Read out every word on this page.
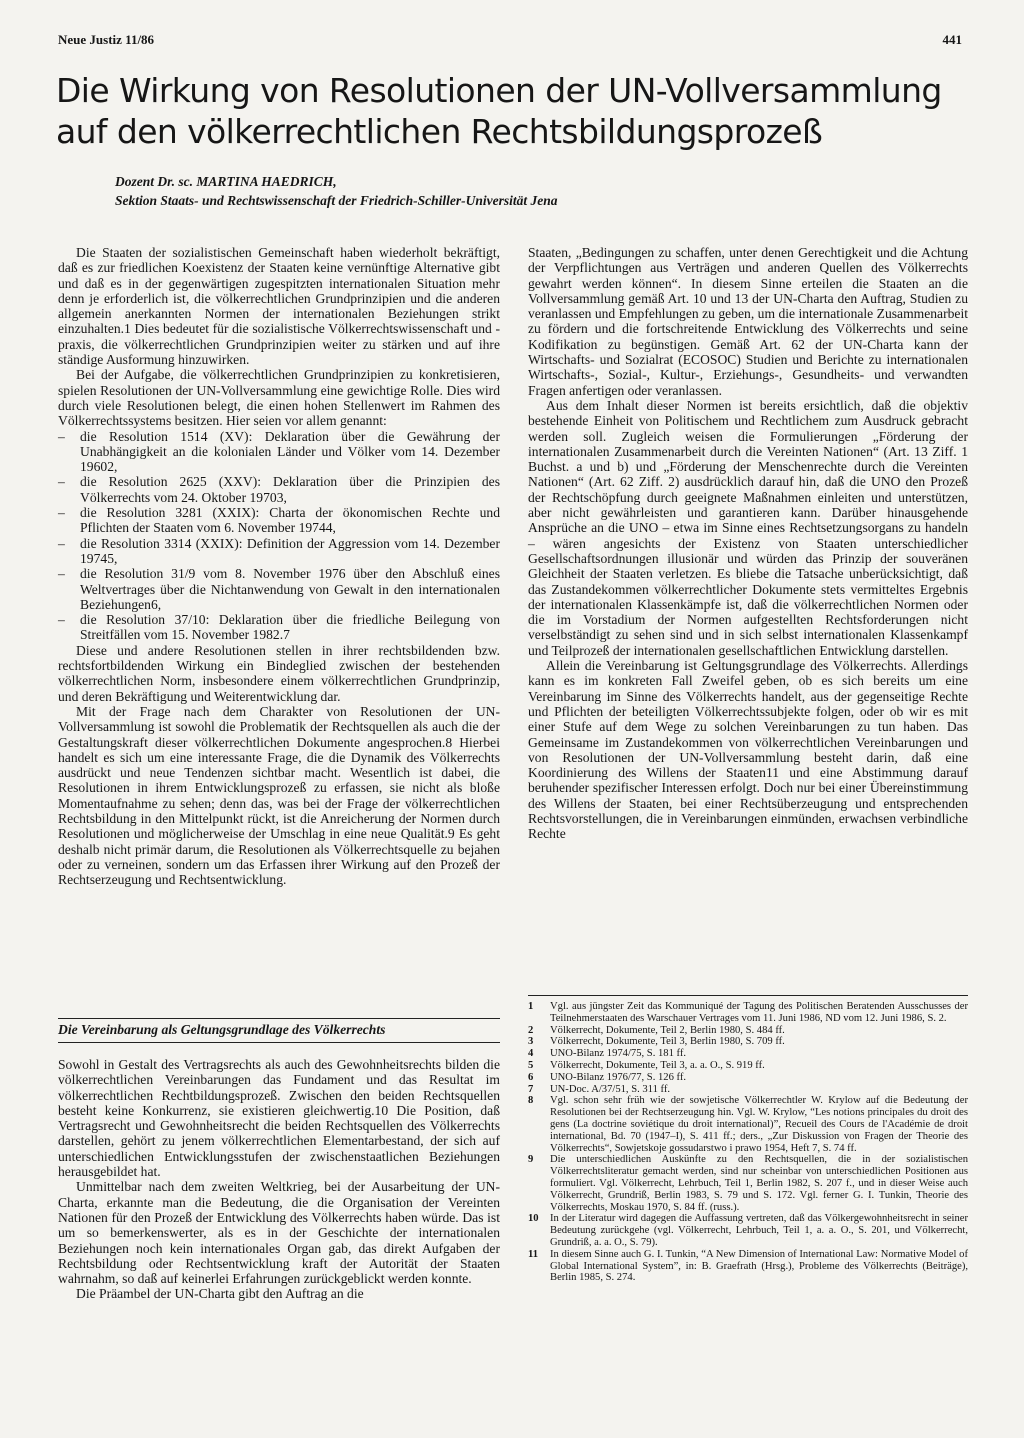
Neue Justiz 11/86	441
Die Wirkung von Resolutionen der UN-Vollversammlung
auf den völkerrechtlichen Rechtsbildungsprozeß
Dozent Dr. sc. MARTINA HAEDRICH,
Sektion Staats- und Rechtswissenschaft der Friedrich-Schiller-Universität Jena

Die Staaten der sozialistischen Gemeinschaft haben wiederholt bekräftigt, daß es zur friedlichen Koexistenz der Staaten keine vernünftige Alternative gibt und daß es in der gegenwärtigen zugespitzten internationalen Situation mehr denn je erforderlich ist, die völkerrechtlichen Grundprinzipien und die anderen allgemein anerkannten Normen der internationalen Beziehungen strikt einzuhalten.1 Dies bedeutet für die sozialistische Völkerrechtswissenschaft und -praxis, die völkerrechtlichen Grundprinzipien weiter zu stärken und auf ihre ständige Ausformung hinzuwirken.

Bei der Aufgabe, die völkerrechtlichen Grundprinzipien zu konkretisieren, spielen Resolutionen der UN-Vollversammlung eine gewichtige Rolle. Dies wird durch viele Resolutionen belegt, die einen hohen Stellenwert im Rahmen des Völkerrechtssystems besitzen. Hier seien vor allem genannt:

– die Resolution 1514 (XV): Deklaration über die Gewährung der Unabhängigkeit an die kolonialen Länder und Völker vom 14. Dezember 19602,
– die Resolution 2625 (XXV): Deklaration über die Prinzipien des Völkerrechts vom 24. Oktober 19703,
– die Resolution 3281 (XXIX): Charta der ökonomischen Rechte und Pflichten der Staaten vom 6. November 19744,
– die Resolution 3314 (XXIX): Definition der Aggression vom 14. Dezember 19745,
– die Resolution 31/9 vom 8. November 1976 über den Abschluß eines Weltvertrages über die Nichtanwendung von Gewalt in den internationalen Beziehungen6,
– die Resolution 37/10: Deklaration über die friedliche Beilegung von Streitfällen vom 15. November 1982.7

Diese und andere Resolutionen stellen in ihrer rechtsbildenden bzw. rechtsfortbildenden Wirkung ein Bindeglied zwischen der bestehenden völkerrechtlichen Norm, insbesondere einem völkerrechtlichen Grundprinzip, und deren Bekräftigung und Weiterentwicklung dar.

Mit der Frage nach dem Charakter von Resolutionen der UN-Vollversammlung ist sowohl die Problematik der Rechtsquellen als auch die der Gestaltungskraft dieser völkerrechtlichen Dokumente angesprochen.8 Hierbei handelt es sich um eine interessante Frage, die die Dynamik des Völkerrechts ausdrückt und neue Tendenzen sichtbar macht. Wesentlich ist dabei, die Resolutionen in ihrem Entwicklungsprozeß zu erfassen, sie nicht als bloße Momentaufnahme zu sehen; denn das, was bei der Frage der völkerrechtlichen Rechtsbildung in den Mittelpunkt rückt, ist die Anreicherung der Normen durch Resolutionen und möglicherweise der Umschlag in eine neue Qualität.9 Es geht deshalb nicht primär darum, die Resolutionen als Völkerrechtsquelle zu bejahen oder zu verneinen, sondern um das Erfassen ihrer Wirkung auf den Prozeß der Rechtserzeugung und Rechtsentwicklung.

Die Vereinbarung als Geltungsgrundlage des Völkerrechts

Sowohl in Gestalt des Vertragsrechts als auch des Gewohnheitsrechts bilden die völkerrechtlichen Vereinbarungen das Fundament und das Resultat im völkerrechtlichen Rechtbildungsprozeß. Zwischen den beiden Rechtsquellen besteht keine Konkurrenz, sie existieren gleichwertig.10 Die Position, daß Vertragsrecht und Gewohnheitsrecht die beiden Rechtsquellen des Völkerrechts darstellen, gehört zu jenem völkerrechtlichen Elementarbestand, der sich auf unterschiedlichen Entwicklungsstufen der zwischenstaatlichen Beziehungen herausgebildet hat.

Unmittelbar nach dem zweiten Weltkrieg, bei der Ausarbeitung der UN-Charta, erkannte man die Bedeutung, die die Organisation der Vereinten Nationen für den Prozeß der Entwicklung des Völkerrechts haben würde. Das ist um so bemerkenswerter, als es in der Geschichte der internationalen Beziehungen noch kein internationales Organ gab, das direkt Aufgaben der Rechtsbildung oder Rechtsentwicklung kraft der Autorität der Staaten wahrnahm, so daß auf keinerlei Erfahrungen zurückgeblickt werden konnte.

Die Präambel der UN-Charta gibt den Auftrag an die

Staaten, „Bedingungen zu schaffen, unter denen Gerechtigkeit und die Achtung der Verpflichtungen aus Verträgen und anderen Quellen des Völkerrechts gewahrt werden können“. In diesem Sinne erteilen die Staaten an die Vollversammlung gemäß Art. 10 und 13 der UN-Charta den Auftrag, Studien zu veranlassen und Empfehlungen zu geben, um die internationale Zusammenarbeit zu fördern und die fortschreitende Entwicklung des Völkerrechts und seine Kodifikation zu begünstigen. Gemäß Art. 62 der UN-Charta kann der Wirtschafts- und Sozialrat (ECOSOC) Studien und Berichte zu internationalen Wirtschafts-, Sozial-, Kultur-, Erziehungs-, Gesundheits- und verwandten Fragen anfertigen oder veranlassen.

Aus dem Inhalt dieser Normen ist bereits ersichtlich, daß die objektiv bestehende Einheit von Politischem und Rechtlichem zum Ausdruck gebracht werden soll. Zugleich weisen die Formulierungen „Förderung der internationalen Zusammenarbeit durch die Vereinten Nationen“ (Art. 13 Ziff. 1 Buchst. a und b) und „Förderung der Menschenrechte durch die Vereinten Nationen“ (Art. 62 Ziff. 2) ausdrücklich darauf hin, daß die UNO den Prozeß der Rechtschöpfung durch geeignete Maßnahmen einleiten und unterstützen, aber nicht gewährleisten und garantieren kann. Darüber hinausgehende Ansprüche an die UNO – etwa im Sinne eines Rechtsetzungsorgans zu handeln – wären angesichts der Existenz von Staaten unterschiedlicher Gesellschaftsordnungen illusionär und würden das Prinzip der souveränen Gleichheit der Staaten verletzen. Es bliebe die Tatsache unberücksichtigt, daß das Zustandekommen völkerrechtlicher Dokumente stets vermitteltes Ergebnis der internationalen Klassenkämpfe ist, daß die völkerrechtlichen Normen oder die im Vorstadium der Normen aufgestellten Rechtsforderungen nicht verselbständigt zu sehen sind und in sich selbst internationalen Klassenkampf und Teilprozeß der internationalen gesellschaftlichen Entwicklung darstellen.

Allein die Vereinbarung ist Geltungsgrundlage des Völkerrechts. Allerdings kann es im konkreten Fall Zweifel geben, ob es sich bereits um eine Vereinbarung im Sinne des Völkerrechts handelt, aus der gegenseitige Rechte und Pflichten der beteiligten Völkerrechtssubjekte folgen, oder ob wir es mit einer Stufe auf dem Wege zu solchen Vereinbarungen zu tun haben. Das Gemeinsame im Zustandekommen von völkerrechtlichen Vereinbarungen und von Resolutionen der UN-Vollversammlung besteht darin, daß eine Koordinierung des Willens der Staaten11 und eine Abstimmung darauf beruhender spezifischer Interessen erfolgt. Doch nur bei einer Übereinstimmung des Willens der Staaten, bei einer Rechtsüberzeugung und entsprechenden Rechtsvorstellungen, die in Vereinbarungen einmünden, erwachsen verbindliche Rechte

1	Vgl. aus jüngster Zeit das Kommuniqué der Tagung des Politischen Beratenden Ausschusses der Teilnehmerstaaten des Warschauer Vertrages vom 11. Juni 1986, ND vom 12. Juni 1986, S. 2.
2	Völkerrecht, Dokumente, Teil 2, Berlin 1980, S. 484 ff.
3	Völkerrecht, Dokumente, Teil 3, Berlin 1980, S. 709 ff.
4	UNO-Bilanz 1974/75, S. 181 ff.
5	Völkerrecht, Dokumente, Teil 3, a. a. O., S. 919 ff.
6	UNO-Bilanz 1976/77, S. 126 ff.
7	UN-Doc. A/37/51, S. 311 ff.
8	Vgl. schon sehr früh wie der sowjetische Völkerrechtler W. Krylow auf die Bedeutung der Resolutionen bei der Rechtserzeugung hin. Vgl. W. Krylow, “Les notions principales du droit des gens (La doctrine soviétique du droit international)”, Recueil des Cours de l'Académie de droit international, Bd. 70 (1947–I), S. 411 ff.; ders., „Zur Diskussion von Fragen der Theorie des Völkerrechts“, Sowjetskoje gossudarstwo i prawo 1954, Heft 7, S. 74 ff.
9	Die unterschiedlichen Auskünfte zu den Rechtsquellen, die in der sozialistischen Völkerrechtsliteratur gemacht werden, sind nur scheinbar von unterschiedlichen Positionen aus formuliert. Vgl. Völkerrecht, Lehrbuch, Teil 1, Berlin 1982, S. 207 f., und in dieser Weise auch Völkerrecht, Grundriß, Berlin 1983, S. 79 und S. 172. Vgl. ferner G. I. Tunkin, Theorie des Völkerrechts, Moskau 1970, S. 84 ff. (russ.).
10	In der Literatur wird dagegen die Auffassung vertreten, daß das Völkergewohnheitsrecht in seiner Bedeutung zurückgehe (vgl. Völkerrecht, Lehrbuch, Teil 1, a. a. O., S. 201, und Völkerrecht, Grundriß, a. a. O., S. 79).
11	In diesem Sinne auch G. I. Tunkin, “A New Dimension of International Law: Normative Model of Global International System”, in: B. Graefrath (Hrsg.), Probleme des Völkerrechts (Beiträge), Berlin 1985, S. 274.
